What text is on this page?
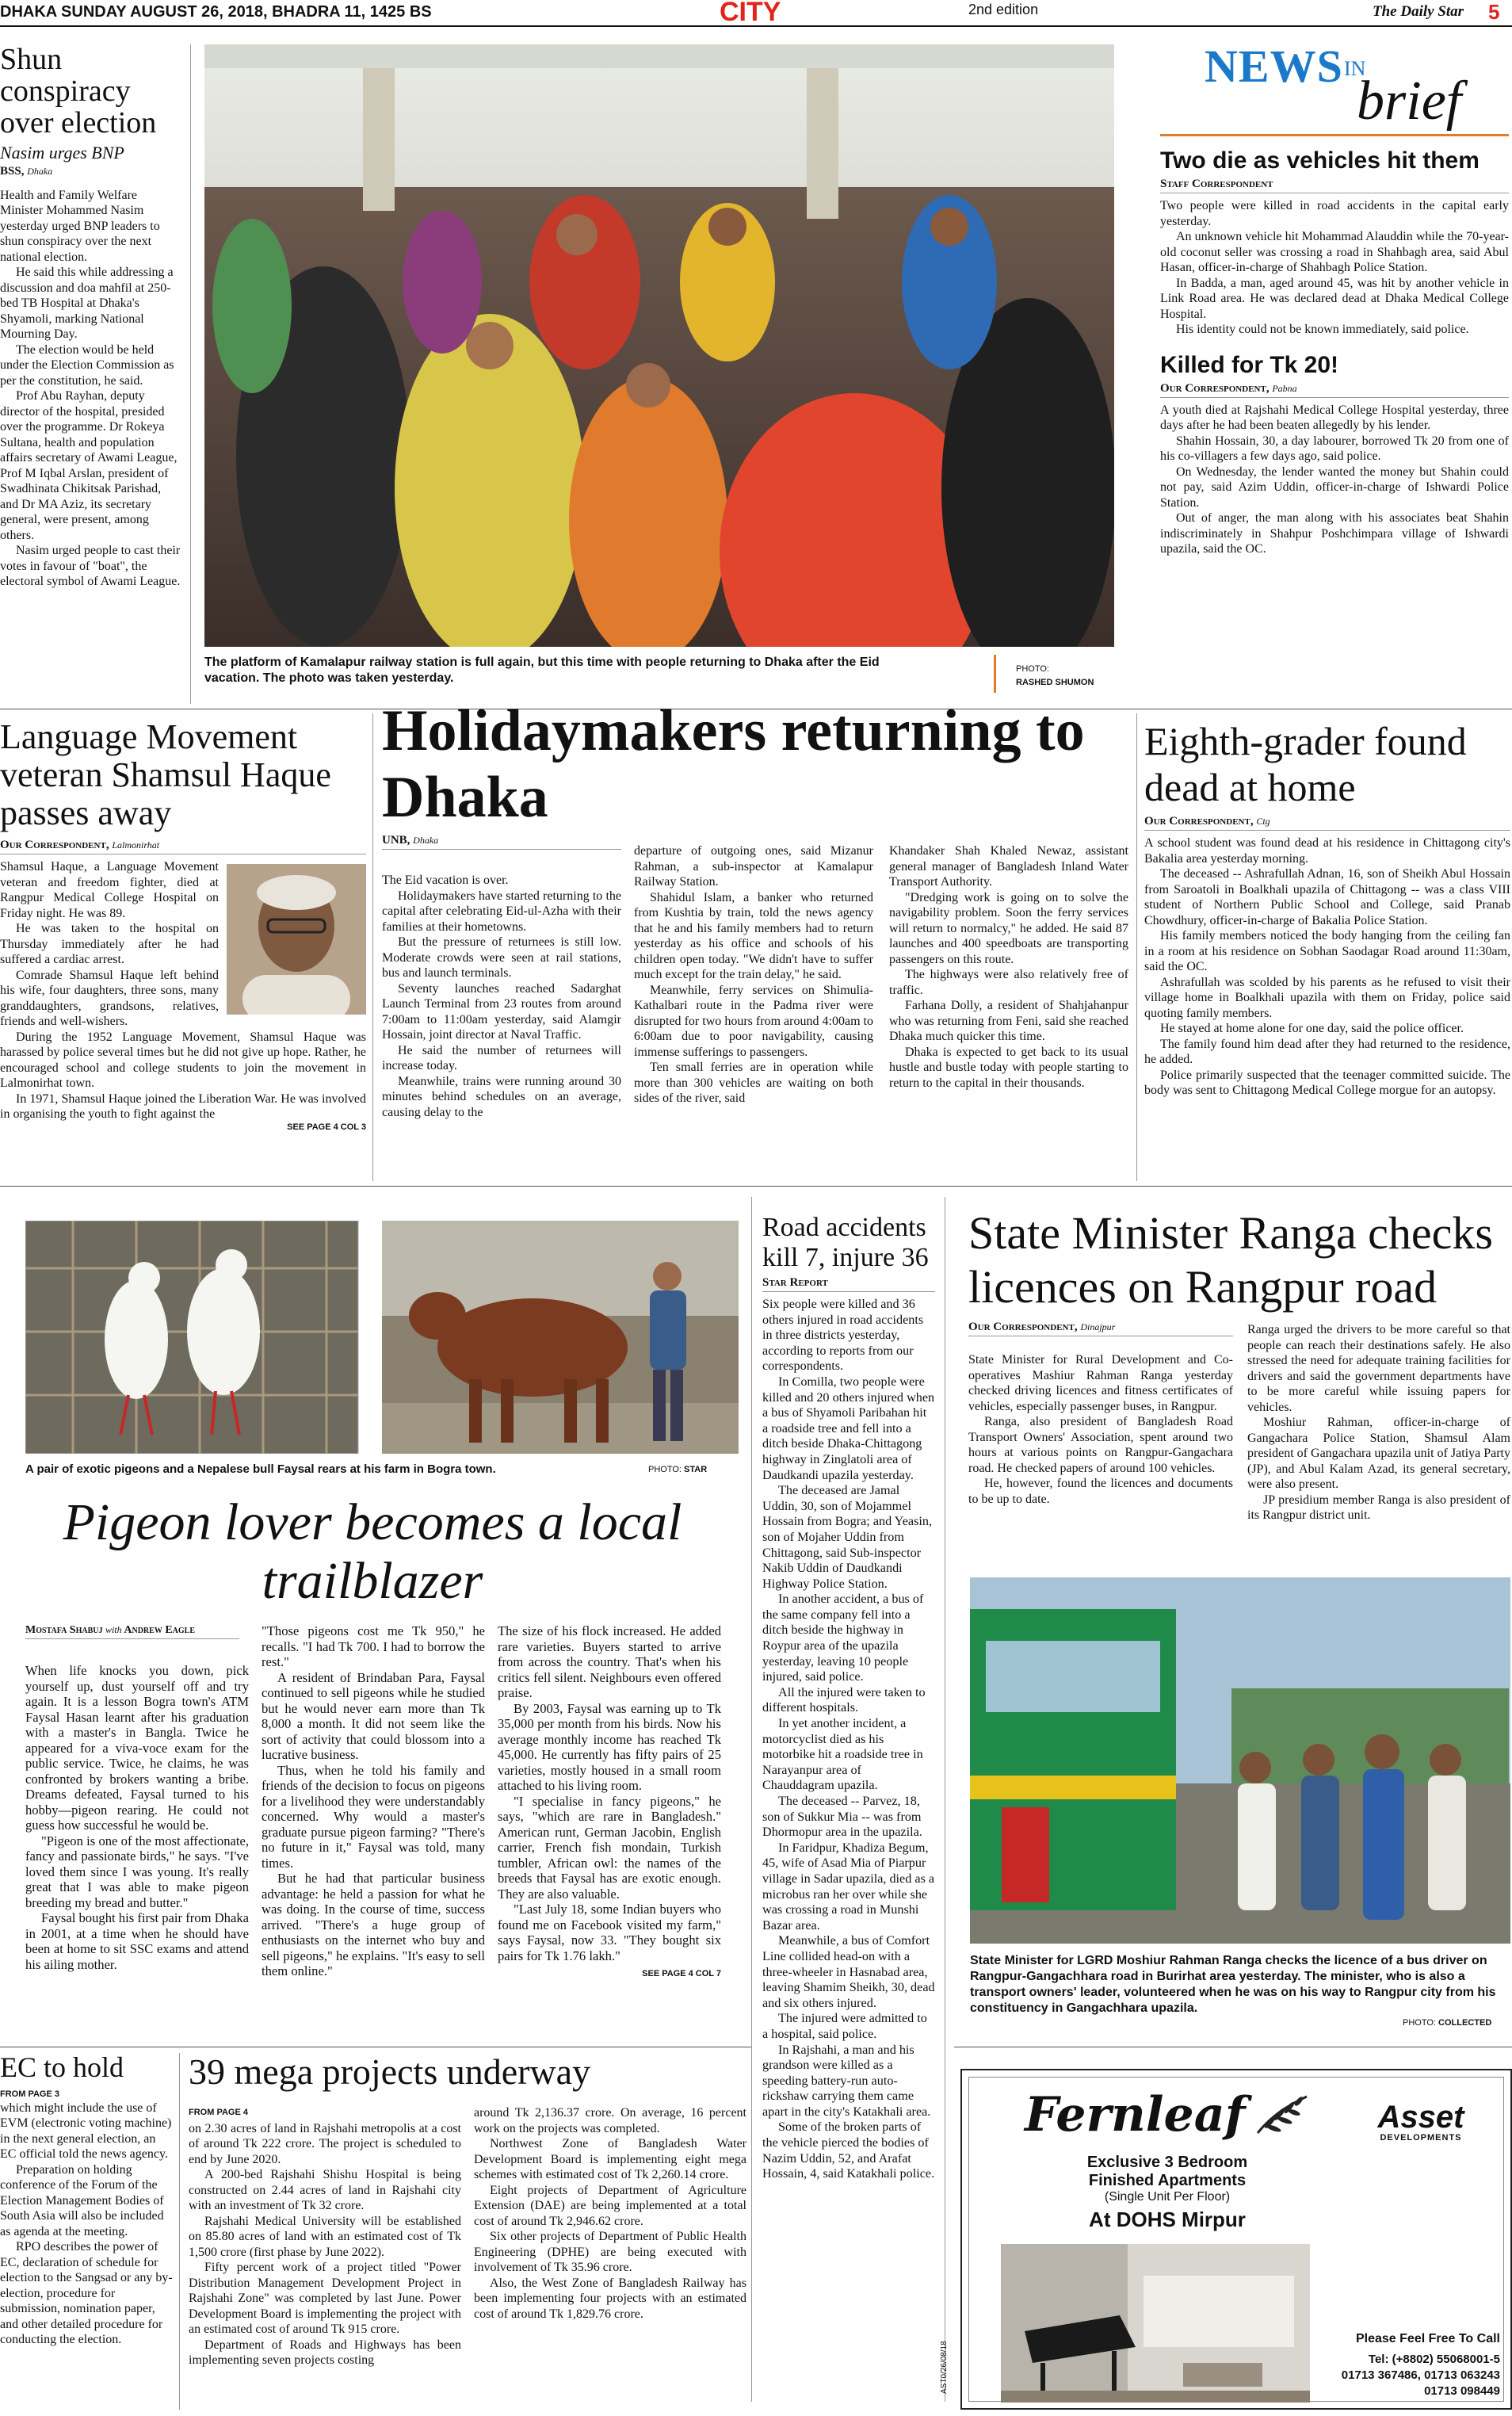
DHAKA SUNDAY AUGUST 26, 2018, BHADRA 11, 1425 BS	CITY	2nd edition	The Daily Star 5
Shun conspiracy over election
Nasim urges BNP
BSS, Dhaka

Health and Family Welfare Minister Mohammed Nasim yesterday urged BNP leaders to shun conspiracy over the next national election.

He said this while addressing a discussion and doa mahfil at 250-bed TB Hospital at Dhaka's Shyamoli, marking National Mourning Day.

The election would be held under the Election Commission as per the constitution, he said.

Prof Abu Rayhan, deputy director of the hospital, presided over the programme. Dr Rokeya Sultana, health and population affairs secretary of Awami League, Prof M Iqbal Arslan, president of Swadhinata Chikitsak Parishad, and Dr MA Aziz, its secretary general, were present, among others.

Nasim urged people to cast their votes in favour of "boat", the electoral symbol of Awami League.

The platform of Kamalapur railway station is full again, but this time with people returning to Dhaka after the Eid vacation. The photo was taken yesterday.
PHOTO:
RASHED SHUMON
NEWS IN
brief
Two die as vehicles hit them
Staff Correspondent

Two people were killed in road accidents in the capital early yesterday.

An unknown vehicle hit Mohammad Alauddin while the 70-year-old coconut seller was crossing a road in Shahbagh area, said Abul Hasan, officer-in-charge of Shahbagh Police Station.

In Badda, a man, aged around 45, was hit by another vehicle in Link Road area. He was declared dead at Dhaka Medical College Hospital.

His identity could not be known immediately, said police.

Killed for Tk 20!
Our Correspondent, Pabna

A youth died at Rajshahi Medical College Hospital yesterday, three days after he had been beaten allegedly by his lender.

Shahin Hossain, 30, a day labourer, borrowed Tk 20 from one of his co-villagers a few days ago, said police.

On Wednesday, the lender wanted the money but Shahin could not pay, said Azim Uddin, officer-in-charge of Ishwardi Police Station.

Out of anger, the man along with his associates beat Shahin indiscriminately in Shahpur Poshchimpara village of Ishwardi upazila, said the OC.

Language Movement veteran Shamsul Haque passes away
Our Correspondent, Lalmonirhat

Shamsul Haque, a Language Movement veteran and freedom fighter, died at Rangpur Medical College Hospital on Friday night. He was 89.

He was taken to the hospital on Thursday immediately after he had suffered a cardiac arrest.

Comrade Shamsul Haque left behind his wife, four daughters, three sons, many granddaughters, grandsons, relatives, friends and well-wishers.

During the 1952 Language Movement, Shamsul Haque was harassed by police several times but he did not give up hope. Rather, he encouraged school and college students to join the movement in Lalmonirhat town.

In 1971, Shamsul Haque joined the Liberation War. He was involved in organising the youth to fight against the

SEE PAGE 4 COL 3
Holidaymakers returning to Dhaka
UNB, Dhaka

The Eid vacation is over.

Holidaymakers have started returning to the capital after celebrating Eid-ul-Azha with their families at their hometowns.

But the pressure of returnees is still low. Moderate crowds were seen at rail stations, bus and launch terminals.

Seventy launches reached Sadarghat Launch Terminal from 23 routes from around 7:00am to 11:00am yesterday, said Alamgir Hossain, joint director at Naval Traffic.

He said the number of returnees will increase today.

Meanwhile, trains were running around 30 minutes behind schedules on an average, causing delay to the

departure of outgoing ones, said Mizanur Rahman, a sub-inspector at Kamalapur Railway Station.

Shahidul Islam, a banker who returned from Kushtia by train, told the news agency that he and his family members had to return yesterday as his office and schools of his children open today. "We didn't have to suffer much except for the train delay," he said.

Meanwhile, ferry services on Shimulia-Kathalbari route in the Padma river were disrupted for two hours from around 4:00am to 6:00am due to poor navigability, causing immense sufferings to passengers.

Ten small ferries are in operation while more than 300 vehicles are waiting on both sides of the river, said

Khandaker Shah Khaled Newaz, assistant general manager of Bangladesh Inland Water Transport Authority.

"Dredging work is going on to solve the navigability problem. Soon the ferry services will return to normalcy," he added. He said 87 launches and 400 speedboats are transporting passengers on this route.

The highways were also relatively free of traffic.

Farhana Dolly, a resident of Shahjahanpur who was returning from Feni, said she reached Dhaka much quicker this time.

Dhaka is expected to get back to its usual hustle and bustle today with people starting to return to the capital in their thousands.

Eighth-grader found dead at home
Our Correspondent, Ctg

A school student was found dead at his residence in Chittagong city's Bakalia area yesterday morning.

The deceased -- Ashrafullah Adnan, 16, son of Sheikh Abul Hossain from Saroatoli in Boalkhali upazila of Chittagong -- was a class VIII student of Northern Public School and College, said Pranab Chowdhury, officer-in-charge of Bakalia Police Station.

His family members noticed the body hanging from the ceiling fan in a room at his residence on Sobhan Saodagar Road around 11:30am, said the OC.

Ashrafullah was scolded by his parents as he refused to visit their village home in Boalkhali upazila with them on Friday, police said quoting family members.

He stayed at home alone for one day, said the police officer.

The family found him dead after they had returned to the residence, he added.

Police primarily suspected that the teenager committed suicide. The body was sent to Chittagong Medical College morgue for an autopsy.

A pair of exotic pigeons and a Nepalese bull Faysal rears at his farm in Bogra town.	PHOTO: STAR
Pigeon lover becomes a local trailblazer
Mostafa Shabuj with Andrew Eagle

When life knocks you down, pick yourself up, dust yourself off and try again. It is a lesson Bogra town's ATM Faysal Hasan learnt after his graduation with a master's in Bangla. Twice he appeared for a viva-voce exam for the public service. Twice, he claims, he was confronted by brokers wanting a bribe. Dreams defeated, Faysal turned to his hobby—pigeon rearing. He could not guess how successful he would be.

"Pigeon is one of the most affectionate, fancy and passionate birds," he says. "I've loved them since I was young. It's really great that I was able to make pigeon breeding my bread and butter."

Faysal bought his first pair from Dhaka in 2001, at a time when he should have been at home to sit SSC exams and attend his ailing mother.

"Those pigeons cost me Tk 950," he recalls. "I had Tk 700. I had to borrow the rest."

A resident of Brindaban Para, Faysal continued to sell pigeons while he studied but he would never earn more than Tk 8,000 a month. It did not seem like the sort of activity that could blossom into a lucrative business.

Thus, when he told his family and friends of the decision to focus on pigeons for a livelihood they were understandably concerned. Why would a master's graduate pursue pigeon farming? "There's no future in it," Faysal was told, many times.

But he had that particular business advantage: he held a passion for what he was doing. In the course of time, success arrived. "There's a huge group of enthusiasts on the internet who buy and sell pigeons," he explains. "It's easy to sell them online."

The size of his flock increased. He added rare varieties. Buyers started to arrive from across the country. That's when his critics fell silent. Neighbours even offered praise.

By 2003, Faysal was earning up to Tk 35,000 per month from his birds. Now his average monthly income has reached Tk 45,000. He currently has fifty pairs of 25 varieties, mostly housed in a small room attached to his living room.

"I specialise in fancy pigeons," he says, "which are rare in Bangladesh." American runt, German Jacobin, English carrier, French fish mondain, Turkish tumbler, African owl: the names of the breeds that Faysal has are exotic enough. They are also valuable.

"Last July 18, some Indian buyers who found me on Facebook visited my farm," says Faysal, now 33. "They bought six pairs for Tk 1.76 lakh."

SEE PAGE 4 COL 7
Road accidents kill 7, injure 36
Star Report

Six people were killed and 36 others injured in road accidents in three districts yesterday, according to reports from our correspondents.

In Comilla, two people were killed and 20 others injured when a bus of Shyamoli Paribahan hit a roadside tree and fell into a ditch beside Dhaka-Chittagong highway in Zinglatoli area of Daudkandi upazila yesterday.

The deceased are Jamal Uddin, 30, son of Mojammel Hossain from Bogra; and Yeasin, son of Mojaher Uddin from Chittagong, said Sub-inspector Nakib Uddin of Daudkandi Highway Police Station.

In another accident, a bus of the same company fell into a ditch beside the highway in Roypur area of the upazila yesterday, leaving 10 people injured, said police.

All the injured were taken to different hospitals.

In yet another incident, a motorcyclist died as his motorbike hit a roadside tree in Narayanpur area of Chauddagram upazila.

The deceased -- Parvez, 18, son of Sukkur Mia -- was from Dhormopur area in the upazila.

In Faridpur, Khadiza Begum, 45, wife of Asad Mia of Piarpur village in Sadar upazila, died as a microbus ran her over while she was crossing a road in Munshi Bazar area.

Meanwhile, a bus of Comfort Line collided head-on with a three-wheeler in Hasnabad area, leaving Shamim Sheikh, 30, dead and six others injured.

The injured were admitted to a hospital, said police.

In Rajshahi, a man and his grandson were killed as a speeding battery-run auto-rickshaw carrying them came apart in the city's Katakhali area.

Some of the broken parts of the vehicle pierced the bodies of Nazim Uddin, 52, and Arafat Hossain, 4, said Katakhali police.

State Minister Ranga checks licences on Rangpur road
Our Correspondent, Dinajpur

State Minister for Rural Development and Co-operatives Mashiur Rahman Ranga yesterday checked driving licences and fitness certificates of vehicles, especially passenger buses, in Rangpur.

Ranga, also president of Bangladesh Road Transport Owners' Association, spent around two hours at various points on Rangpur-Gangachara road. He checked papers of around 100 vehicles.

He, however, found the licences and documents to be up to date.

Ranga urged the drivers to be more careful so that people can reach their destinations safely. He also stressed the need for adequate training facilities for drivers and said the government departments have to be more careful while issuing papers for vehicles.

Moshiur Rahman, officer-in-charge of Gangachara Police Station, Shamsul Alam president of Gangachara upazila unit of Jatiya Party (JP), and Abul Kalam Azad, its general secretary, were also present.

JP presidium member Ranga is also president of its Rangpur district unit.

State Minister for LGRD Moshiur Rahman Ranga checks the licence of a bus driver on Rangpur-Gangachhara road in Burirhat area yesterday. The minister, who is also a transport owners' leader, volunteered when he was on his way to Rangpur city from his constituency in Gangachhara upazila.
PHOTO: COLLECTED
EC to hold
FROM PAGE 3

which might include the use of EVM (electronic voting machine) in the next general election, an EC official told the news agency.

Preparation on holding conference of the Forum of the Election Management Bodies of South Asia will also be included as agenda at the meeting.

RPO describes the power of EC, declaration of schedule for election to the Sangsad or any by-election, procedure for submission, nomination paper, and other detailed procedure for conducting the election.

39 mega projects underway
FROM PAGE 4

on 2.30 acres of land in Rajshahi metropolis at a cost of around Tk 222 crore. The project is scheduled to end by June 2020.

A 200-bed Rajshahi Shishu Hospital is being constructed on 2.44 acres of land in Rajshahi city with an investment of Tk 32 crore.

Rajshahi Medical University will be established on 85.80 acres of land with an estimated cost of Tk 1,500 crore (first phase by June 2022).

Fifty percent work of a project titled "Power Distribution Management Development Project in Rajshahi Zone" was completed by last June. Power Development Board is implementing the project with an estimated cost of around Tk 915 crore.

Department of Roads and Highways has been implementing seven projects costing

around Tk 2,136.37 crore. On average, 16 percent work on the projects was completed.

Northwest Zone of Bangladesh Water Development Board is implementing eight mega schemes with estimated cost of Tk 2,260.14 crore.

Eight projects of Department of Agriculture Extension (DAE) are being implemented at a total cost of around Tk 2,946.62 crore.

Six other projects of Department of Public Health Engineering (DPHE) are being executed with involvement of Tk 35.96 crore.

Also, the West Zone of Bangladesh Railway has been implementing four projects with an estimated cost of around Tk 1,829.76 crore.

Fernleaf	Asset
DEVELOPMENTS
Exclusive 3 Bedroom
Finished Apartments
(Single Unit Per Floor)
At DOHS Mirpur
Please Feel Free To Call
Tel: (+8802) 55068001-5
01713 367486, 01713 063243
01713 098449
AST0/26/08/18
